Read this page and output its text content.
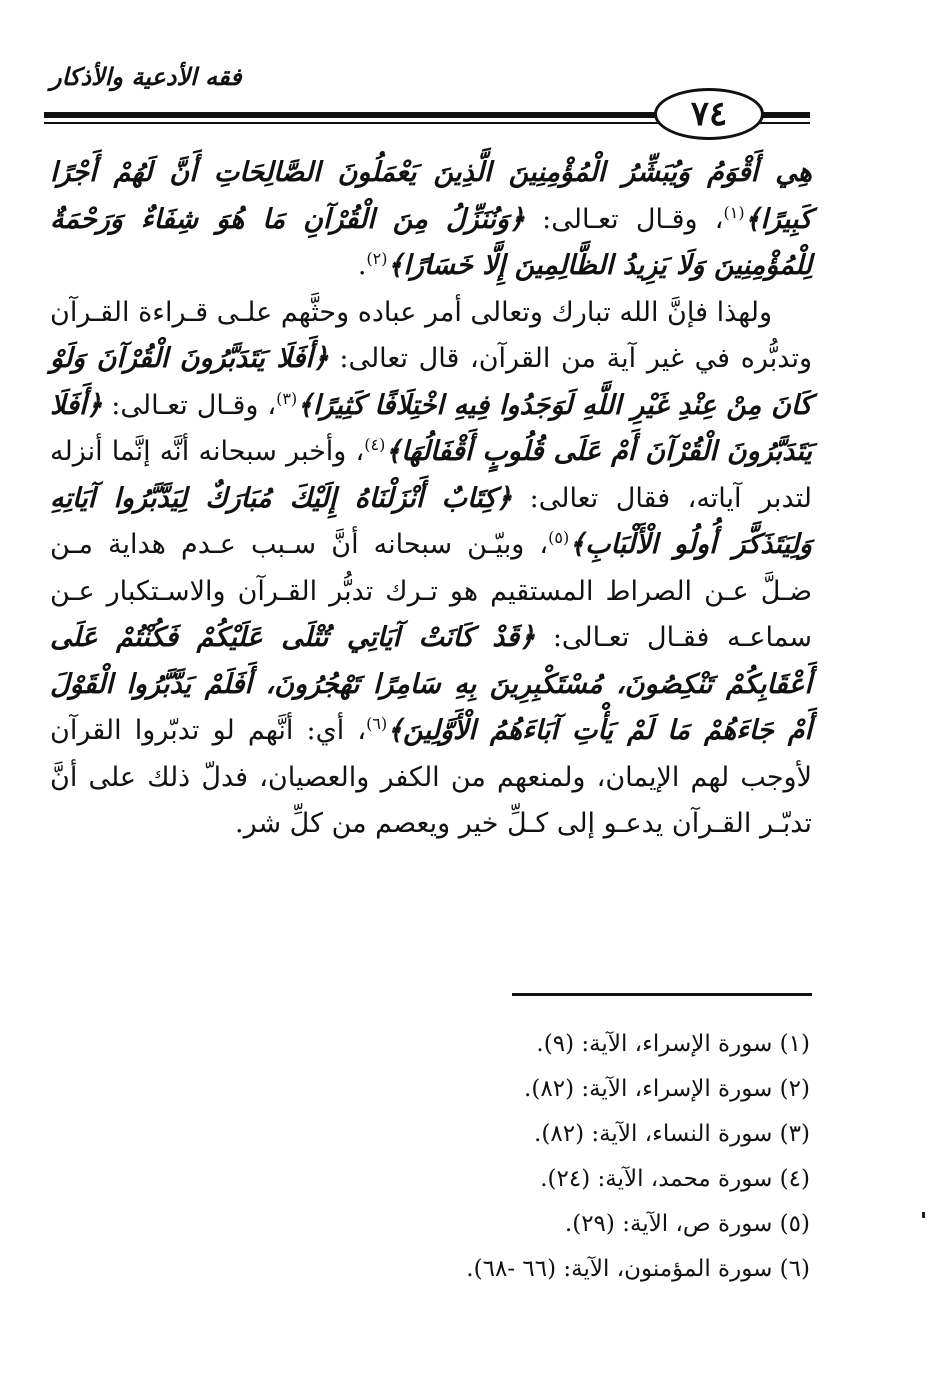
فقه الأدعية والأذكار
٧٤

هِي أَقْوَمُ وَيُبَشِّرُ الْمُؤْمِنِينَ الَّذِينَ يَعْمَلُونَ الصَّالِحَاتِ أَنَّ لَهُمْ أَجْرًا كَبِيرًا﴾$^{(١)}$، وقـال تعـالى: ﴿وَنُنَزِّلُ مِنَ الْقُرْآنِ مَا هُوَ شِفَاءٌ وَرَحْمَةٌ لِلْمُؤْمِنِينَ وَلَا يَزِيدُ الظَّالِمِينَ إِلَّا خَسَارًا﴾$^{(٢)}$.

ولهذا فإنَّ الله تبارك وتعالى أمر عباده وحثَّهم علـى قـراءة القـرآن وتدبُّره في غير آية من القرآن، قال تعالى: ﴿أَفَلَا يَتَدَبَّرُونَ الْقُرْآنَ وَلَوْ كَانَ مِنْ عِنْدِ غَيْرِ اللَّهِ لَوَجَدُوا فِيهِ اخْتِلَافًا كَثِيرًا﴾$^{(٣)}$، وقـال تعـالى: ﴿أَفَلَا يَتَدَبَّرُونَ الْقُرْآنَ أَمْ عَلَى قُلُوبٍ أَقْفَالُهَا﴾$^{(٤)}$، وأخبر سبحانه أنَّه إنَّما أنزله لتدبر آياته، فقال تعالى: ﴿كِتَابٌ أَنْزَلْنَاهُ إِلَيْكَ مُبَارَكٌ لِيَدَّبَّرُوا آيَاتِهِ وَلِيَتَذَكَّرَ أُولُو الْأَلْبَابِ﴾$^{(٥)}$، وبيّـن سبحانه أنَّ سـبب عـدم هداية مـن ضـلَّ عـن الصراط المستقيم هو تـرك تدبُّر القـرآن والاسـتكبار عـن سماعـه فقـال تعـالى: ﴿قَدْ كَانَتْ آيَاتِي تُتْلَى عَلَيْكُمْ فَكُنْتُمْ عَلَى أَعْقَابِكُمْ تَنْكِصُونَ، مُسْتَكْبِرِينَ بِهِ سَامِرًا تَهْجُرُونَ، أَفَلَمْ يَدَّبَّرُوا الْقَوْلَ أَمْ جَاءَهُمْ مَا لَمْ يَأْتِ آبَاءَهُمُ الْأَوَّلِينَ﴾$^{(٦)}$، أي: أنَّهم لو تدبّروا القرآن لأوجب لهم الإيمان، ولمنعهم من الكفر والعصيان، فدلّ ذلك على أنَّ تدبّـر القـرآن يدعـو إلى كـلِّ خير ويعصم من كلِّ شر.

(١) سورة الإسراء، الآية: (٩).
(٢) سورة الإسراء، الآية: (٨٢).
(٣) سورة النساء، الآية: (٨٢).
(٤) سورة محمد، الآية: (٢٤).
(٥) سورة ص، الآية: (٢٩).
(٦) سورة المؤمنون، الآية: (٦٦ -٦٨).
